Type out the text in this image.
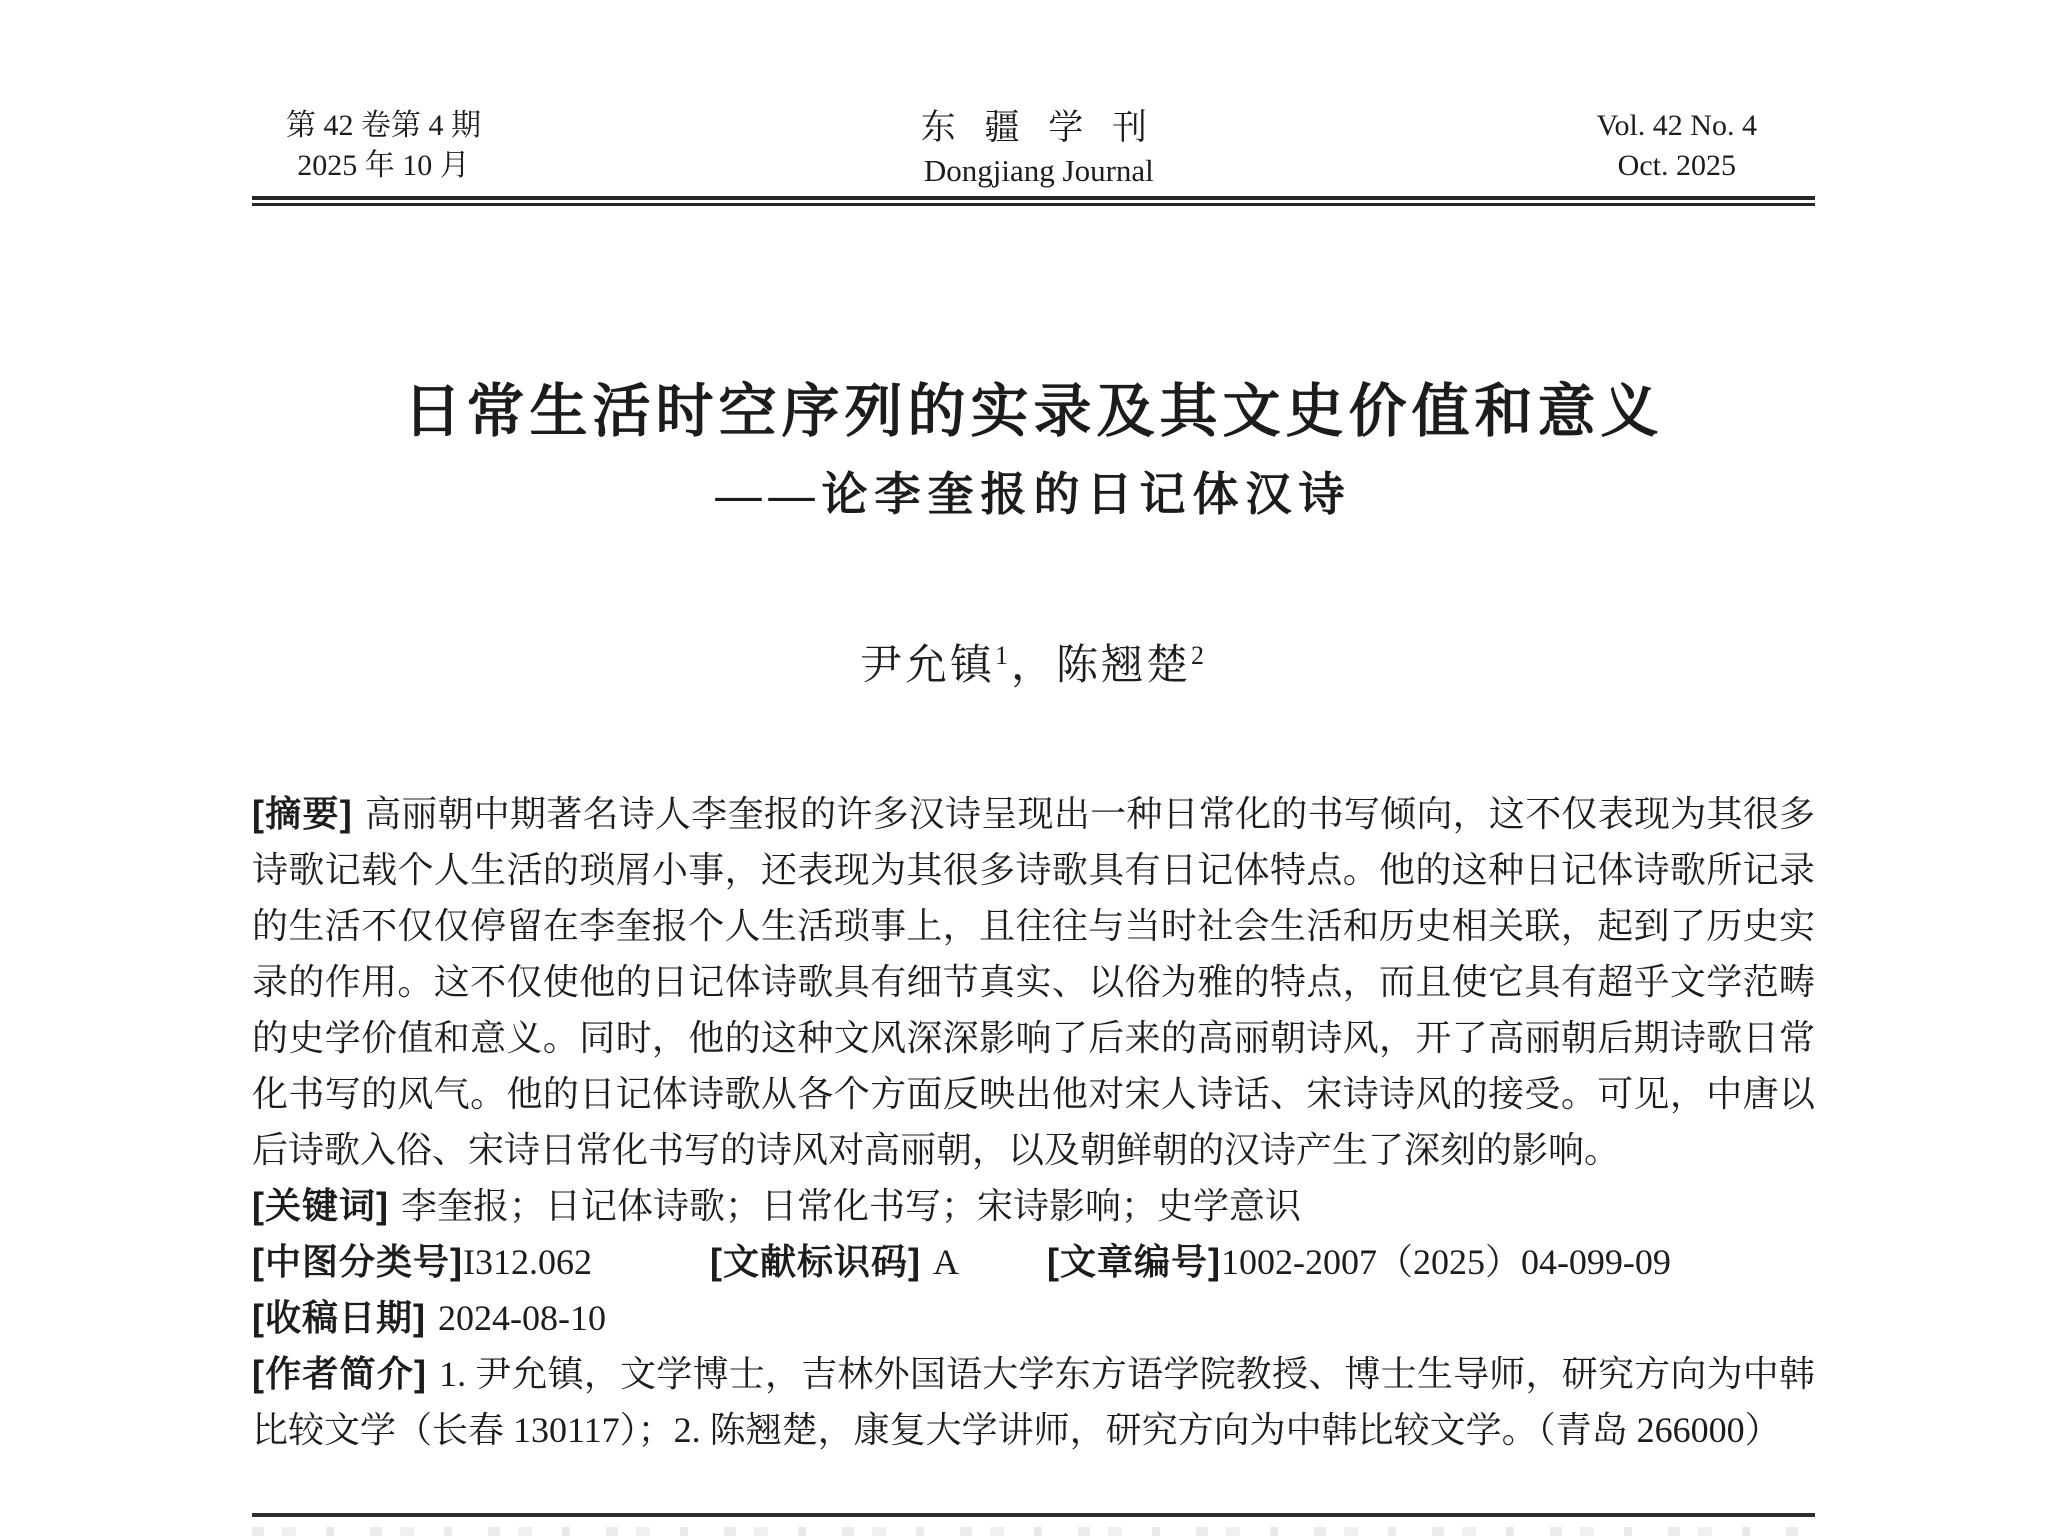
第 42 卷第 4 期
2025 年 10 月
东 疆 学 刊
Dongjiang Journal
Vol. 42 No. 4
Oct. 2025
日常生活时空序列的实录及其文史价值和意义
——论李奎报的日记体汉诗
尹允镇$^1$，陈翘楚$^2$

[摘要] 高丽朝中期著名诗人李奎报的许多汉诗呈现出一种日常化的书写倾向，这不仅表现为其很多诗歌记载个人生活的琐屑小事，还表现为其很多诗歌具有日记体特点。他的这种日记体诗歌所记录的生活不仅仅停留在李奎报个人生活琐事上，且往往与当时社会生活和历史相关联，起到了历史实录的作用。这不仅使他的日记体诗歌具有细节真实、以俗为雅的特点，而且使它具有超乎文学范畴的史学价值和意义。同时，他的这种文风深深影响了后来的高丽朝诗风，开了高丽朝后期诗歌日常化书写的风气。他的日记体诗歌从各个方面反映出他对宋人诗话、宋诗诗风的接受。可见，中唐以后诗歌入俗、宋诗日常化书写的诗风对高丽朝，以及朝鲜朝的汉诗产生了深刻的影响。

[关键词] 李奎报；日记体诗歌；日常化书写；宋诗影响；史学意识

[中图分类号]I312.062	[文献标识码] A [文章编号]1002-2007（2025）04-099-09

[收稿日期] 2024-08-10

[作者简介] 1. 尹允镇，文学博士，吉林外国语大学东方语学院教授、博士生导师，研究方向为中韩比较文学（长春 130117）；2. 陈翘楚，康复大学讲师，研究方向为中韩比较文学。（青岛 266000）
